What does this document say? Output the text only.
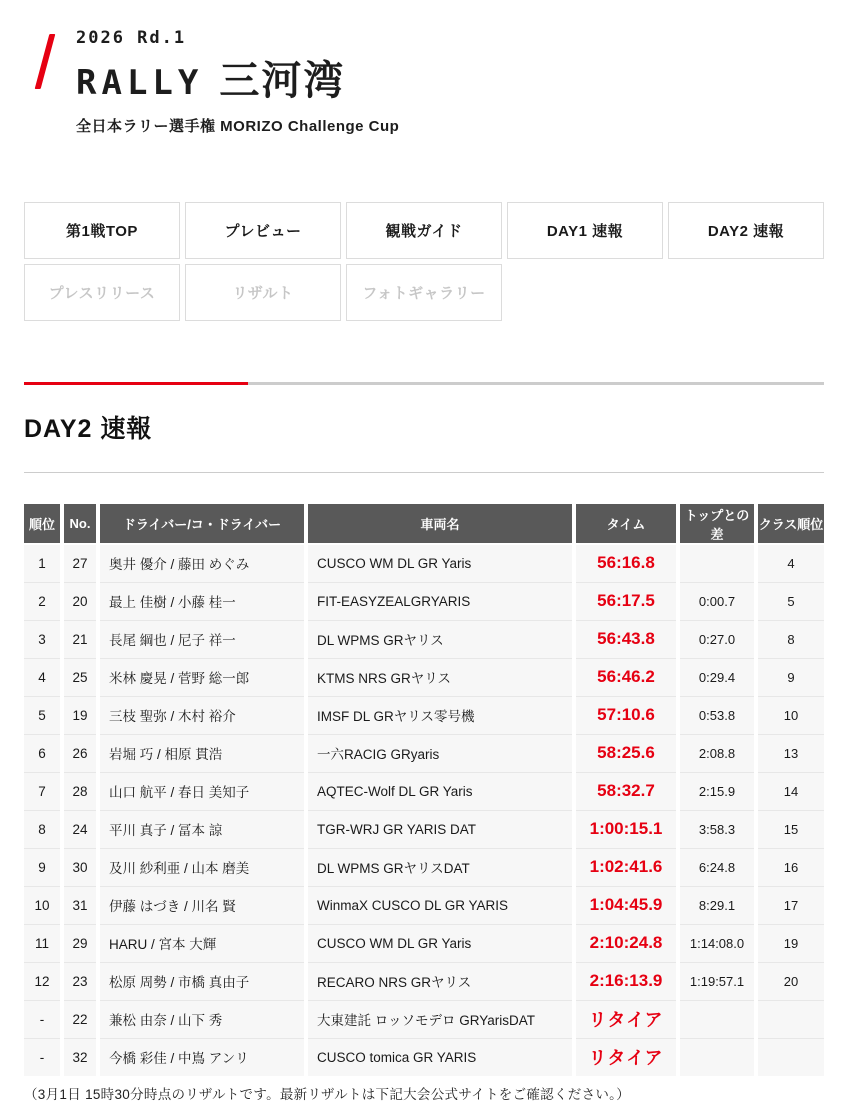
2026 Rd.1
RALLY 三河湾
全日本ラリー選手権 MORIZO Challenge Cup
第1戦TOP	プレビュー	観戦ガイド	DAY1 速報	DAY2 速報
プレスリリース	リザルト	フォトギャラリー
DAY2 速報
順位	No.	ドライバー/コ・ドライバー	車両名	タイム	トップとの差	クラス順位
1	27	奥井 優介 / 藤田 めぐみ	CUSCO WM DL GR Yaris	56:16.8		4
2	20	最上 佳樹 / 小藤 桂一	FIT-EASYZEALGRYARIS	56:17.5	0:00.7	5
3	21	長尾 綱也 / 尼子 祥一	DL WPMS GRヤリス	56:43.8	0:27.0	8
4	25	米林 慶晃 / 菅野 総一郎	KTMS NRS GRヤリス	56:46.2	0:29.4	9
5	19	三枝 聖弥 / 木村 裕介	IMSF DL GRヤリス零号機	57:10.6	0:53.8	10
6	26	岩堀 巧 / 相原 貫浩	一六RACIG GRyaris	58:25.6	2:08.8	13
7	28	山口 航平 / 春日 美知子	AQTEC-Wolf DL GR Yaris	58:32.7	2:15.9	14
8	24	平川 真子 / 冨本 諒	TGR-WRJ GR YARIS DAT	1:00:15.1	3:58.3	15
9	30	及川 紗利亜 / 山本 磨美	DL WPMS GRヤリスDAT	1:02:41.6	6:24.8	16
10	31	伊藤 はづき / 川名 賢	WinmaX CUSCO DL GR YARIS	1:04:45.9	8:29.1	17
11	29	HARU / 宮本 大輝	CUSCO WM DL GR Yaris	2:10:24.8	1:14:08.0	19
12	23	松原 周勢 / 市橋 真由子	RECARO NRS GRヤリス	2:16:13.9	1:19:57.1	20
-	22	兼松 由奈 / 山下 秀	大東建託 ロッソモデロ GRYarisDAT	リタイア		
-	32	今橋 彩佳 / 中嶌 アンリ	CUSCO tomica GR YARIS	リタイア		

（3月1日 15時30分時点のリザルトです。最新リザルトは下記大会公式サイトをご確認ください。）
